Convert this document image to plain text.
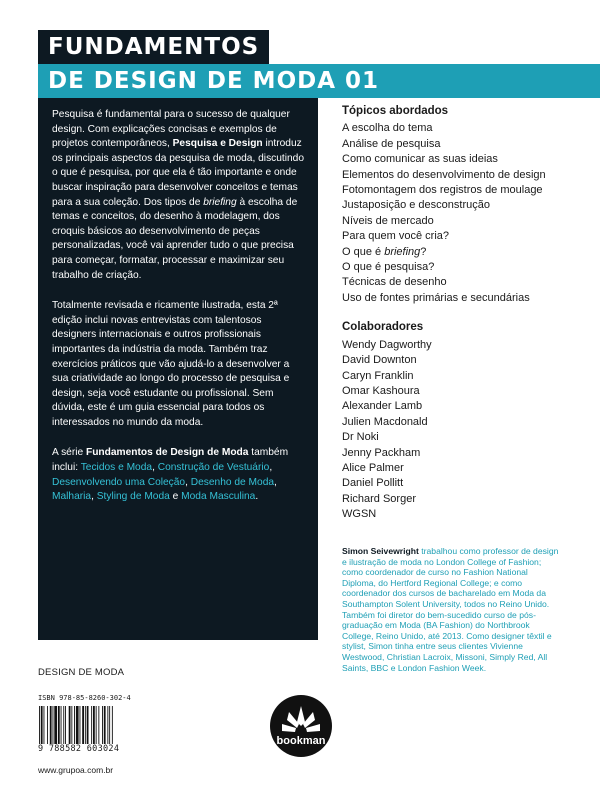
FUNDAMENTOS
DE DESIGN DE MODA 01

Pesquisa é fundamental para o sucesso de qualquer design. Com explicações concisas e exemplos de projetos contemporâneos, Pesquisa e Design introduz os principais aspectos da pesquisa de moda, discutindo o que é pesquisa, por que ela é tão importante e onde buscar inspiração para desenvolver conceitos e temas para a sua coleção. Dos tipos de briefing à escolha de temas e conceitos, do desenho à modelagem, dos croquis básicos ao desenvolvimento de peças personalizadas, você vai aprender tudo o que precisa para começar, formatar, processar e maximizar seu trabalho de criação.

Totalmente revisada e ricamente ilustrada, esta 2ª edição inclui novas entrevistas com talentosos designers internacionais e outros profissionais importantes da indústria da moda. Também traz exercícios práticos que vão ajudá-lo a desenvolver a sua criatividade ao longo do processo de pesquisa e design, seja você estudante ou profissional. Sem dúvida, este é um guia essencial para todos os interessados no mundo da moda.

A série Fundamentos de Design de Moda também inclui: Tecidos e Moda, Construção de Vestuário, Desenvolvendo uma Coleção, Desenho de Moda, Malharia, Styling de Moda e Moda Masculina.

Tópicos abordados
A escolha do tema
Análise de pesquisa
Como comunicar as suas ideias
Elementos do desenvolvimento de design
Fotomontagem dos registros de moulage
Justaposição e desconstrução
Níveis de mercado
Para quem você cria?
O que é briefing?
O que é pesquisa?
Técnicas de desenho
Uso de fontes primárias e secundárias
Colaboradores
Wendy Dagworthy
David Downton
Caryn Franklin
Omar Kashoura
Alexander Lamb
Julien Macdonald
Dr Noki
Jenny Packham
Alice Palmer
Daniel Pollitt
Richard Sorger
WGSN
Simon Seivewright trabalhou como professor de design e ilustração de moda no London College of Fashion; como coordenador de curso no Fashion National Diploma, do Hertford Regional College; e como coordenador dos cursos de bacharelado em Moda da Southampton Solent University, todos no Reino Unido. Também foi diretor do bem-sucedido curso de pós-graduação em Moda (BA Fashion) do Northbrook College, Reino Unido, até 2013. Como designer têxtil e stylist, Simon tinha entre seus clientes Vivienne Westwood, Christian Lacroix, Missoni, Simply Red, All Saints, BBC e London Fashion Week.
DESIGN DE MODA
ISBN 978-85-8260-302-4
9 788582 603024
bookman
www.grupoa.com.br
